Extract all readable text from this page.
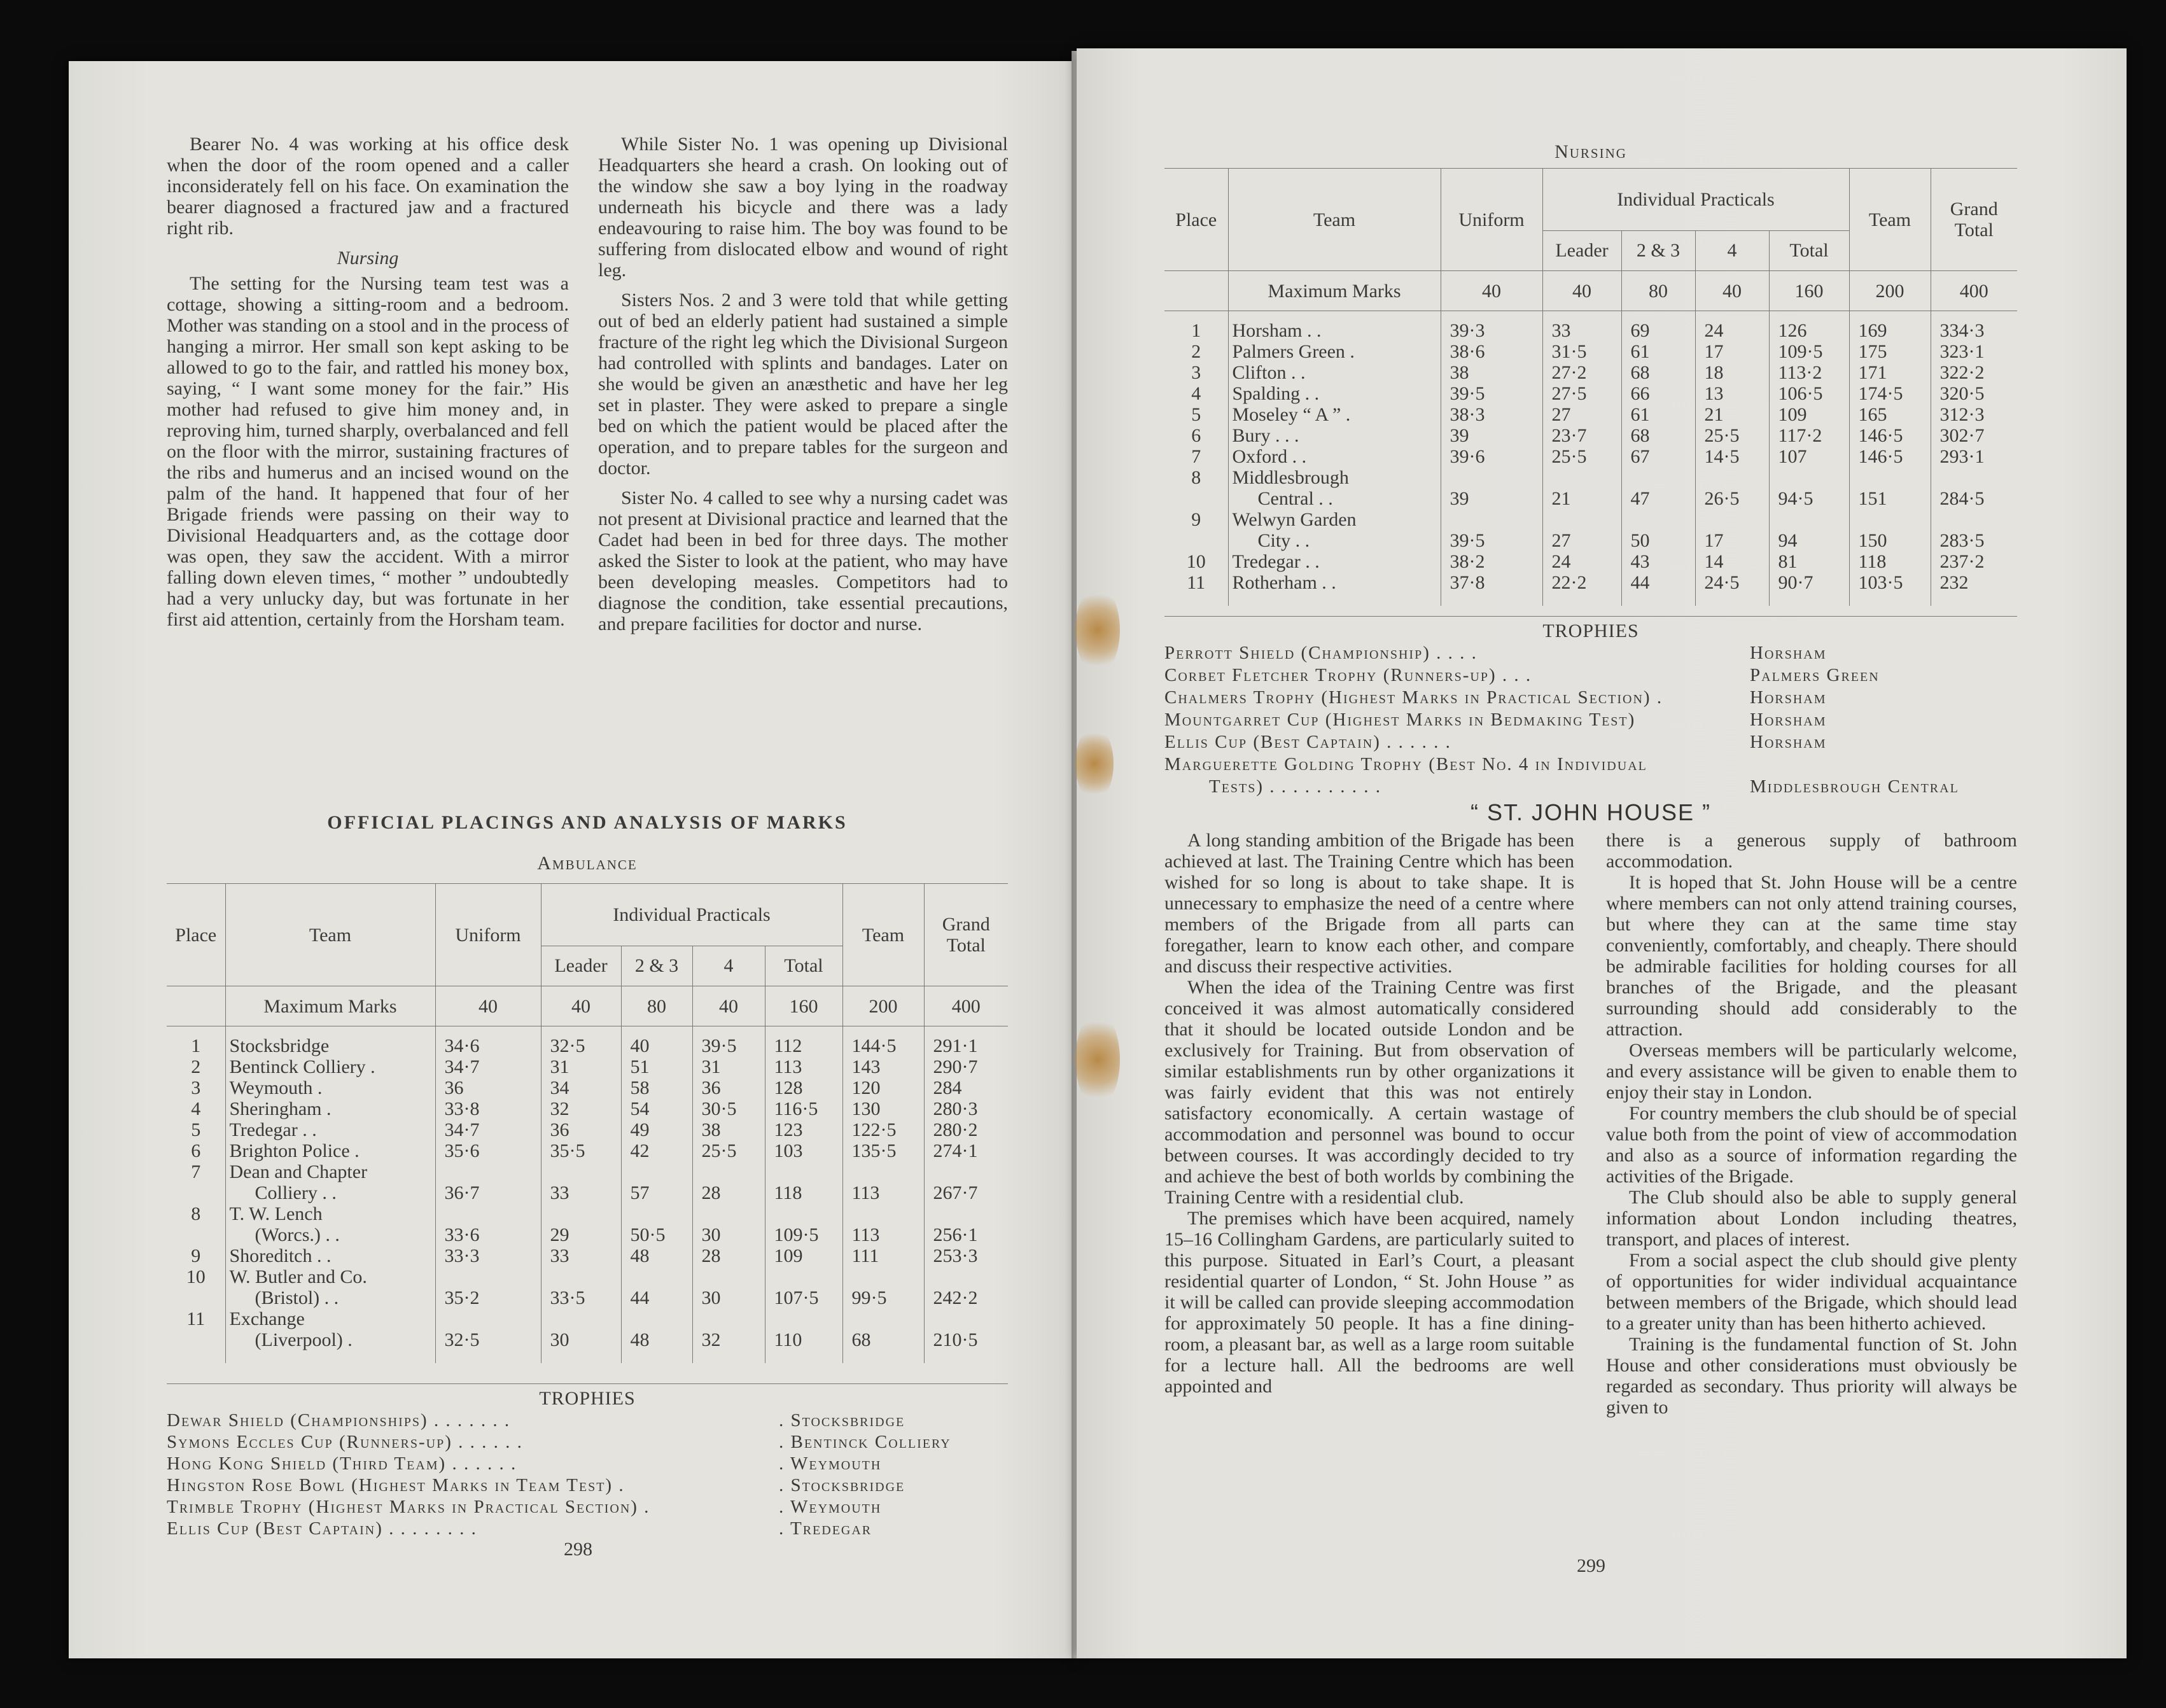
Bearer No. 4 was working at his office desk when the door of the room opened and a caller inconsiderately fell on his face. On examination the bearer diagnosed a fractured jaw and a fractured right rib.

Nursing

The setting for the Nursing team test was a cottage, showing a sitting-room and a bedroom. Mother was standing on a stool and in the process of hanging a mirror. Her small son kept asking to be allowed to go to the fair, and rattled his money box, saying, “ I want some money for the fair.” His mother had refused to give him money and, in reproving him, turned sharply, overbalanced and fell on the floor with the mirror, sustaining fractures of the ribs and humerus and an incised wound on the palm of the hand. It happened that four of her Brigade friends were passing on their way to Divisional Headquarters and, as the cottage door was open, they saw the accident. With a mirror falling down eleven times, “ mother ” undoubtedly had a very unlucky day, but was fortunate in her first aid attention, certainly from the Horsham team.

While Sister No. 1 was opening up Divisional Headquarters she heard a crash. On looking out of the window she saw a boy lying in the roadway underneath his bicycle and there was a lady endeavouring to raise him. The boy was found to be suffering from dislocated elbow and wound of right leg.

Sisters Nos. 2 and 3 were told that while getting out of bed an elderly patient had sustained a simple fracture of the right leg which the Divisional Surgeon had controlled with splints and bandages. Later on she would be given an anæsthetic and have her leg set in plaster. They were asked to prepare a single bed on which the patient would be placed after the operation, and to prepare tables for the surgeon and doctor.

Sister No. 4 called to see why a nursing cadet was not present at Divisional practice and learned that the Cadet had been in bed for three days. The mother asked the Sister to look at the patient, who may have been developing measles. Competitors had to diagnose the condition, take essential precautions, and prepare facilities for doctor and nurse.

OFFICIAL PLACINGS AND ANALYSIS OF MARKS
Ambulance
Place	Team	Uniform	Individual Practicals				Team	Grand Total
			Leader	2 & 3	4	Total		
	Maximum Marks	40	40	80	40	160	200	400
1	Stocksbridge	34·6	32·5	40	39·5	112	144·5	291·1
2	Bentinck Colliery .	34·7	31	51	31	113	143	290·7
3	Weymouth .	36	34	58	36	128	120	284
4	Sheringham .	33·8	32	54	30·5	116·5	130	280·3
5	Tredegar . .	34·7	36	49	38	123	122·5	280·2
6	Brighton Police .	35·6	35·5	42	25·5	103	135·5	274·1
7	Dean and Chapter
Colliery . .	36·7	33	57	28	118	113	267·7
8	T. W. Lench
(Worcs.) . .	33·6	29	50·5	30	109·5	113	256·1
9	Shoreditch . .	33·3	33	48	28	109	111	253·3
10	W. Butler and Co.
(Bristol) . .	35·2	33·5	44	30	107·5	99·5	242·2
11	Exchange
(Liverpool) .	32·5	30	48	32	110	68	210·5
TROPHIES
Dewar Shield (Championships) . . . . . . .	. Stocksbridge
Symons Eccles Cup (Runners-up) . . . . . .	. Bentinck Colliery
Hong Kong Shield (Third Team) . . . . . .	. Weymouth
Hingston Rose Bowl (Highest Marks in Team Test) .	. Stocksbridge
Trimble Trophy (Highest Marks in Practical Section) .	. Weymouth
Ellis Cup (Best Captain) . . . . . . . .	. Tredegar
298
Nursing
Place	Team	Uniform	Individual Practicals				Team	Grand Total
			Leader	2 & 3	4	Total		
	Maximum Marks	40	40	80	40	160	200	400
1	Horsham . .	39·3	33	69	24	126	169	334·3
2	Palmers Green .	38·6	31·5	61	17	109·5	175	323·1
3	Clifton . .	38	27·2	68	18	113·2	171	322·2
4	Spalding . .	39·5	27·5	66	13	106·5	174·5	320·5
5	Moseley “ A ” .	38·3	27	61	21	109	165	312·3
6	Bury . . .	39	23·7	68	25·5	117·2	146·5	302·7
7	Oxford . .	39·6	25·5	67	14·5	107	146·5	293·1
8	Middlesbrough
Central . .	39	21	47	26·5	94·5	151	284·5
9	Welwyn Garden
City . .	39·5	27	50	17	94	150	283·5
10	Tredegar . .	38·2	24	43	14	81	118	237·2
11	Rotherham . .	37·8	22·2	44	24·5	90·7	103·5	232
TROPHIES
Perrott Shield (Championship) . . . .	Horsham
Corbet Fletcher Trophy (Runners-up) . . .	Palmers Green
Chalmers Trophy (Highest Marks in Practical Section) .	Horsham
Mountgarret Cup (Highest Marks in Bedmaking Test)	Horsham
Ellis Cup (Best Captain) . . . . . .	Horsham
Marguerette Golding Trophy (Best No. 4 in Individual
Tests) . . . . . . . . . .	Middlesbrough Central
“ ST. JOHN HOUSE ”

A long standing ambition of the Brigade has been achieved at last. The Training Centre which has been wished for so long is about to take shape. It is unnecessary to emphasize the need of a centre where members of the Brigade from all parts can foregather, learn to know each other, and compare and discuss their respective activities.

When the idea of the Training Centre was first conceived it was almost automatically considered that it should be located outside London and be exclusively for Training. But from observation of similar establishments run by other organizations it was fairly evident that this was not entirely satisfactory economically. A certain wastage of accommodation and personnel was bound to occur between courses. It was accordingly decided to try and achieve the best of both worlds by combining the Training Centre with a residential club.

The premises which have been acquired, namely 15–16 Collingham Gardens, are particularly suited to this purpose. Situated in Earl’s Court, a pleasant residential quarter of London, “ St. John House ” as it will be called can provide sleeping accommodation for approximately 50 people. It has a fine dining-room, a pleasant bar, as well as a large room suitable for a lecture hall. All the bedrooms are well appointed and

there is a generous supply of bathroom accommodation.

It is hoped that St. John House will be a centre where members can not only attend training courses, but where they can at the same time stay conveniently, comfortably, and cheaply. There should be admirable facilities for holding courses for all branches of the Brigade, and the pleasant surrounding should add considerably to the attraction.

Overseas members will be particularly welcome, and every assistance will be given to enable them to enjoy their stay in London.

For country members the club should be of special value both from the point of view of accommodation and also as a source of information regarding the activities of the Brigade.

The Club should also be able to supply general information about London including theatres, transport, and places of interest.

From a social aspect the club should give plenty of opportunities for wider individual acquaintance between members of the Brigade, which should lead to a greater unity than has been hitherto achieved.

Training is the fundamental function of St. John House and other considerations must obviously be regarded as secondary. Thus priority will always be given to

299
